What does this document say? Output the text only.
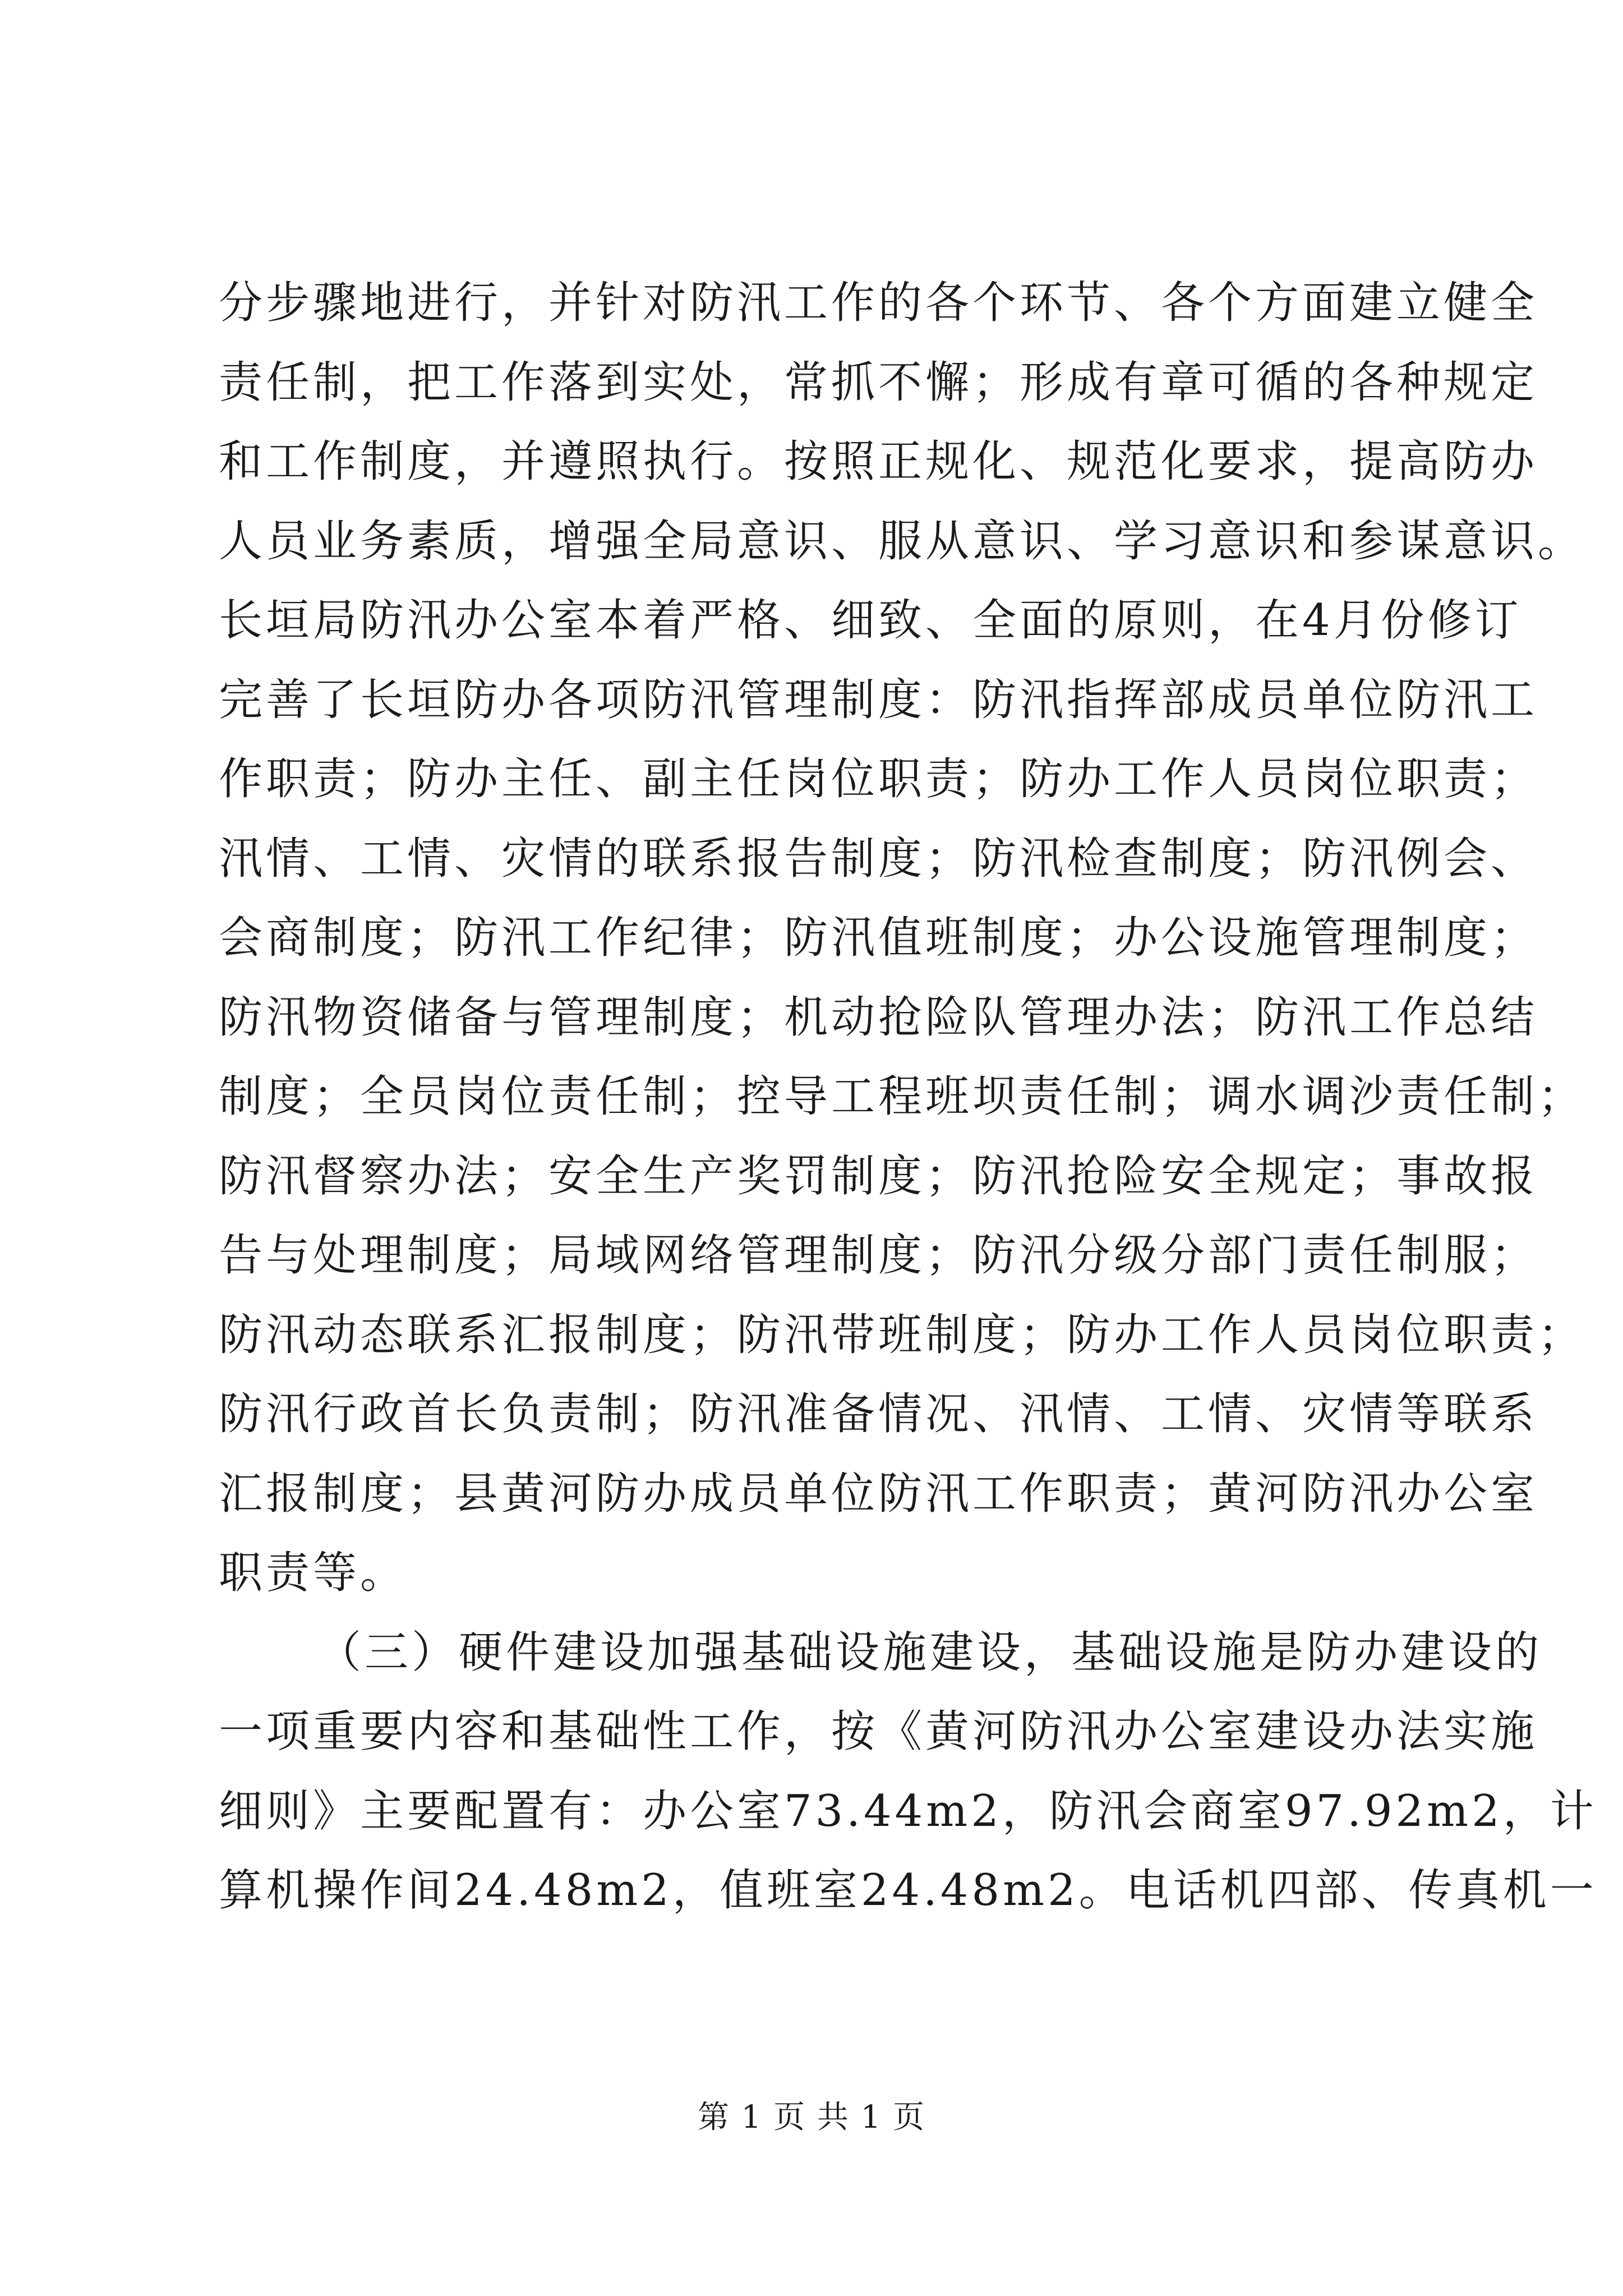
分步骤地进行，并针对防汛工作的各个环节、各个方面建立健全
责任制，把工作落到实处，常抓不懈；形成有章可循的各种规定
和工作制度，并遵照执行。按照正规化、规范化要求，提高防办
人员业务素质，增强全局意识、服从意识、学习意识和参谋意识。
长垣局防汛办公室本着严格、细致、全面的原则，在4月份修订
完善了长垣防办各项防汛管理制度：防汛指挥部成员单位防汛工
作职责；防办主任、副主任岗位职责；防办工作人员岗位职责；
汛情、工情、灾情的联系报告制度；防汛检查制度；防汛例会、
会商制度；防汛工作纪律；防汛值班制度；办公设施管理制度；
防汛物资储备与管理制度；机动抢险队管理办法；防汛工作总结
制度；全员岗位责任制；控导工程班坝责任制；调水调沙责任制；
防汛督察办法；安全生产奖罚制度；防汛抢险安全规定；事故报
告与处理制度；局域网络管理制度；防汛分级分部门责任制服；
防汛动态联系汇报制度；防汛带班制度；防办工作人员岗位职责；
防汛行政首长负责制；防汛准备情况、汛情、工情、灾情等联系
汇报制度；县黄河防办成员单位防汛工作职责；黄河防汛办公室
职责等。
（三）硬件建设加强基础设施建设，基础设施是防办建设的
一项重要内容和基础性工作，按《黄河防汛办公室建设办法实施
细则》主要配置有：办公室73.44m2，防汛会商室97.92m2，计
算机操作间24.48m2，值班室24.48m2。电话机四部、传真机一
第 1 页 共 1 页
